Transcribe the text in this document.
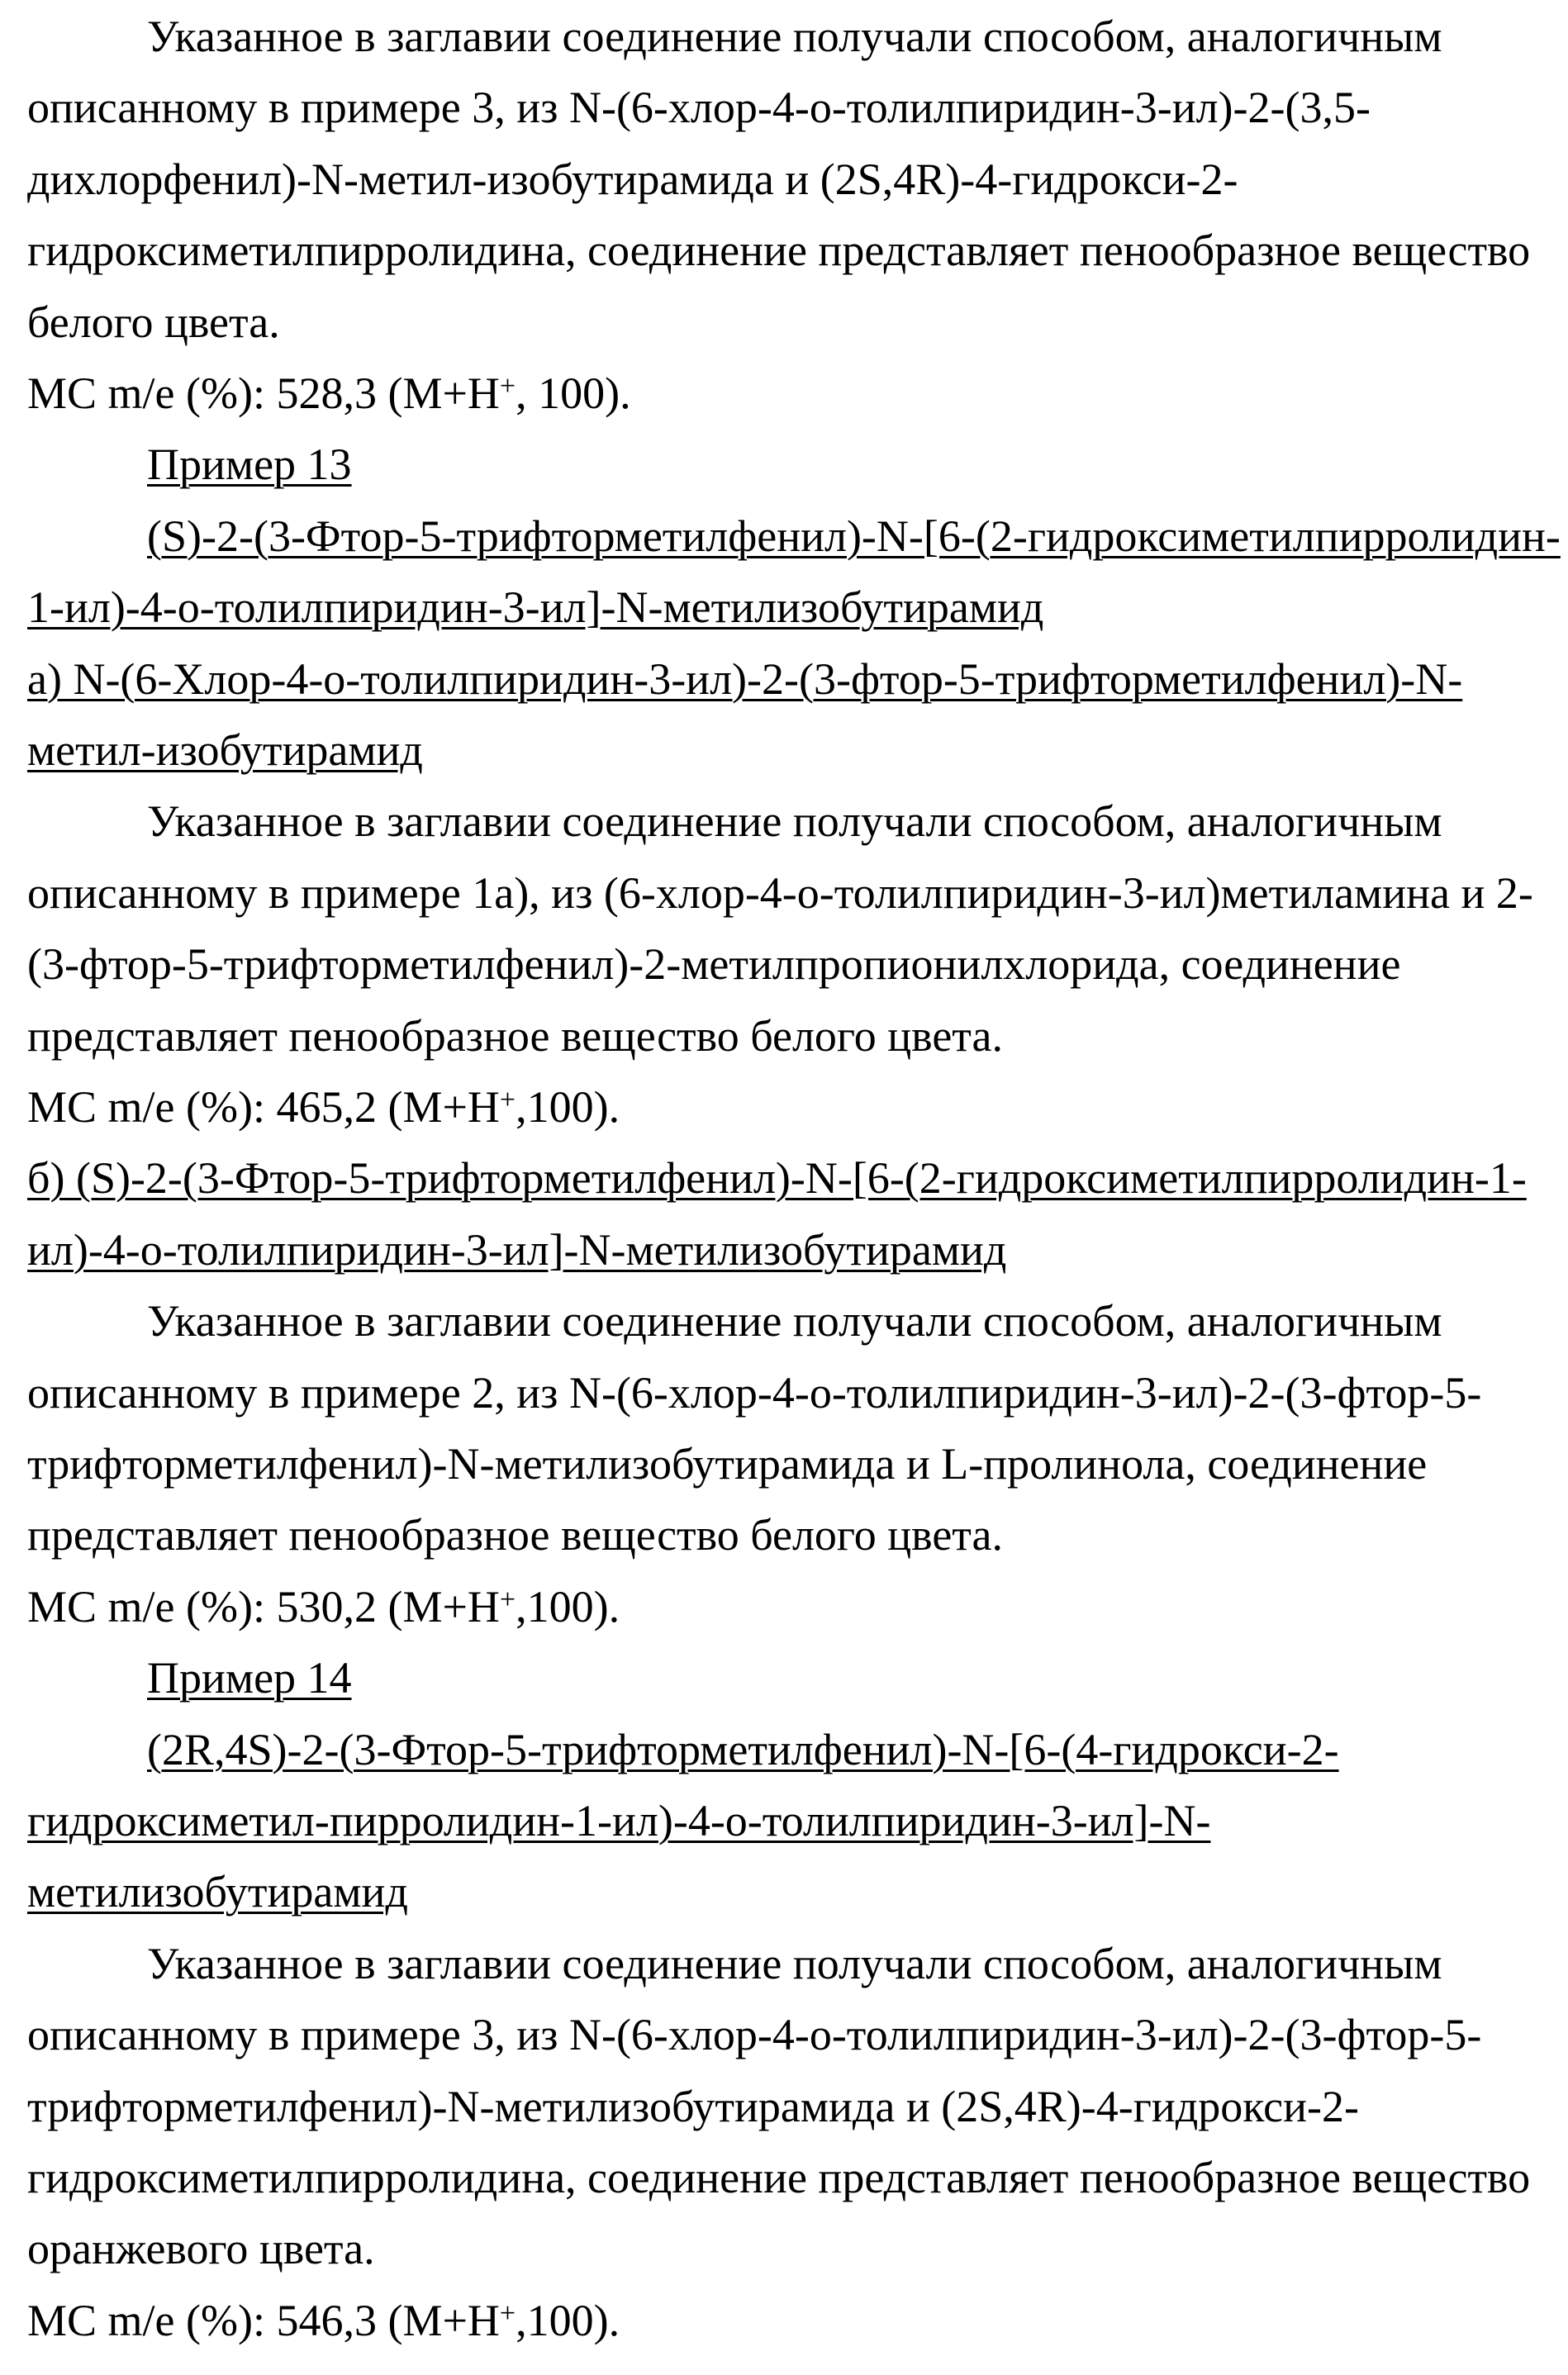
Указанное в заглавии соединение получали способом, аналогичным
описанному в примере 3, из N-(6-хлор-4-о-толилпиридин-3-ил)-2-(3,5-
дихлорфенил)-N-метил-изобутирамида и (2S,4R)-4-гидрокси-2-
гидроксиметилпирролидина, соединение представляет пенообразное вещество
белого цвета.
MC m/e (%): 528,3 (M+H+, 100).
Пример 13
(S)-2-(3-Фтор-5-трифторметилфенил)-N-[6-(2-гидроксиметилпирролидин-
1-ил)-4-о-толилпиридин-3-ил]-N-метилизобутирамид
а) N-(6-Хлор-4-о-толилпиридин-3-ил)-2-(3-фтор-5-трифторметилфенил)-N-
метил-изобутирамид
Указанное в заглавии соединение получали способом, аналогичным
описанному в примере 1а), из (6-хлор-4-о-толилпиридин-3-ил)метиламина и 2-
(3-фтор-5-трифторметилфенил)-2-метилпропионилхлорида, соединение
представляет пенообразное вещество белого цвета.
MC m/e (%): 465,2 (M+H+,100).
б) (S)-2-(3-Фтор-5-трифторметилфенил)-N-[6-(2-гидроксиметилпирролидин-1-
ил)-4-о-толилпиридин-3-ил]-N-метилизобутирамид
Указанное в заглавии соединение получали способом, аналогичным
описанному в примере 2, из N-(6-хлор-4-о-толилпиридин-3-ил)-2-(3-фтор-5-
трифторметилфенил)-N-метилизобутирамида и L-пролинола, соединение
представляет пенообразное вещество белого цвета.
MC m/e (%): 530,2 (M+H+,100).
Пример 14
(2R,4S)-2-(3-Фтор-5-трифторметилфенил)-N-[6-(4-гидрокси-2-
гидроксиметил-пирролидин-1-ил)-4-о-толилпиридин-3-ил]-N-
метилизобутирамид
Указанное в заглавии соединение получали способом, аналогичным
описанному в примере 3, из N-(6-хлор-4-о-толилпиридин-3-ил)-2-(3-фтор-5-
трифторметилфенил)-N-метилизобутирамида и (2S,4R)-4-гидрокси-2-
гидроксиметилпирролидина, соединение представляет пенообразное вещество
оранжевого цвета.
MC m/e (%): 546,3 (M+H+,100).
